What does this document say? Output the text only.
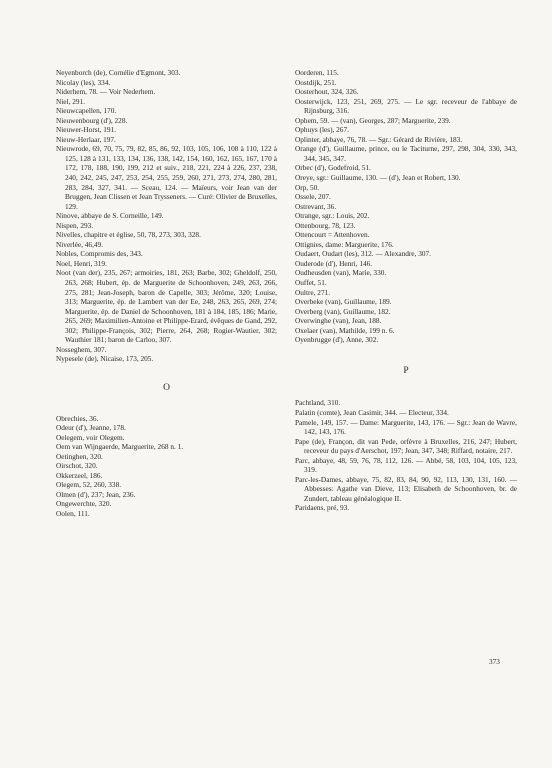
Neyenborch (de), Cornélie d'Egmont, 303.

Nicolay (les), 334.

Niderhem, 78. — Voir Nederhem.

Niel, 291.

Nieuwcapellen, 170.

Nieuwenbourg (d'), 228.

Nieuwer-Horst, 191.

Nieuw-Herlaar, 197.

Nieuwrode, 69, 70, 75, 79, 82, 85, 86, 92, 103, 105, 106, 108 à 110, 122 à 125, 128 à 131, 133, 134, 136, 138, 142, 154, 160, 162, 165, 167, 170 à 172, 178, 188, 190, 199, 212 et suiv., 218, 221, 224 à 226, 237, 238, 240, 242, 245, 247, 253, 254, 255, 259, 260, 271, 273, 274, 280, 281, 283, 284, 327, 341. — Sceau, 124. — Maïeurs, voir Jean van der Bruggen, Jean Clissen et Jean Trysseners. — Curé: Olivier de Bruxelles, 129.

Ninove, abbaye de S. Corneille, 149.

Nispen, 293.

Nivelles, chapitre et église, 50, 78, 273, 303, 328.

Niverlée, 46,49.

Nobles, Compromis des, 343.

Noel, Henri, 319.

Noot (van der), 235, 267; armoiries, 181, 263; Barbe, 302; Gheldolf, 250, 263, 268; Hubert, ép. de Marguerite de Schoonhoven, 249, 263, 266, 275, 281; Jean-Joseph, baron de Capelle, 303; Jérôme, 320; Louise, 313; Marguerite, ép. de Lambert van der Ee, 248, 263, 265, 269, 274; Marguerite, ép. de Daniel de Schoonhoven, 181 à 184, 185, 186; Marie, 265, 269; Maximilien-Antoine et Philippe-Erard, évêques de Gand, 292, 302; Philippe-François, 302; Pierre, 264, 268; Rogier-Wautier, 302; Wauthier 181; baron de Carloo, 307.

Nosseghem, 307.

Nypesele (de), Nicaise, 173, 205.

O

Obrechies, 36.

Odeur (d'), Jeanne, 178.

Oelegem, voir Olegem.

Oem van Wijngaerde, Marguerite, 268 n. 1.

Oetinghen, 320.

Oirschot, 320.

Okkerzeel, 186.

Olegem, 52, 260, 338.

Olmen (d'), 237; Jean, 236.

Ongewerchte, 320.

Oolen, 111.

Oorderen, 115.

Oostdijk, 251.

Oosterhout, 324, 326.

Oosterwijck, 123, 251, 269, 275. — Le sgr. receveur de l'abbaye de Rijnsburg, 316.

Ophem, 59. — (van), Georges, 287; Marguerite, 239.

Ophuys (les), 267.

Oplinter, abbaye, 76, 78. — Sgr.: Gérard de Rivière, 183.

Orange (d'), Guillaume, prince, ou le Taciturne, 297, 298, 304, 330, 343, 344, 345, 347.

Orbec (d'), Godefroid, 51.

Oreye, sgr.: Guillaume, 130. — (d'), Jean et Robert, 130.

Orp, 50.

Ossele, 207.

Ostrevant, 36.

Otrange, sgr.: Louis, 202.

Ottenbourg, 78, 123.

Ottencourt = Attenhoven.

Ottignies, dame: Marguerite, 176.

Oudaert, Oudart (les), 312. — Alexandre, 307.

Ouderode (d'), Henri, 146.

Oudheusden (van), Marie, 330.

Ouffet, 51.

Oultre, 271.

Overbeke (van), Guillaume, 189.

Overberg (van), Guillaume, 182.

Overwinghe (van), Jean, 188.

Oxelaer (van), Mathilde, 199 n. 6.

Oyenbrugge (d'), Anne, 302.

P

Pachtland, 310.

Palatin (comte), Jean Casimir, 344. — Electeur, 334.

Pamele, 149, 157. — Dame: Marguerite, 143, 176. — Sgr.: Jean de Wavre, 142, 143, 176.

Pape (de), Françon, dit van Pede, orfèvre à Bruxelles, 216, 247; Hubert, receveur du pays d'Aerschot, 197; Jean, 347, 348; Riffard, notaire, 217.

Parc, abbaye, 48, 59, 76, 78, 112, 126. — Abbé, 58, 103, 104, 105, 123, 319.

Parc-les-Dames, abbaye, 75, 82, 83, 84, 90, 92, 113, 130, 131, 160. — Abbesses: Agathe van Dieve, 113; Elisabeth de Schoonhoven, br. de Zundert, tableau généalogique II.

Paridaens, pré, 93.

373
